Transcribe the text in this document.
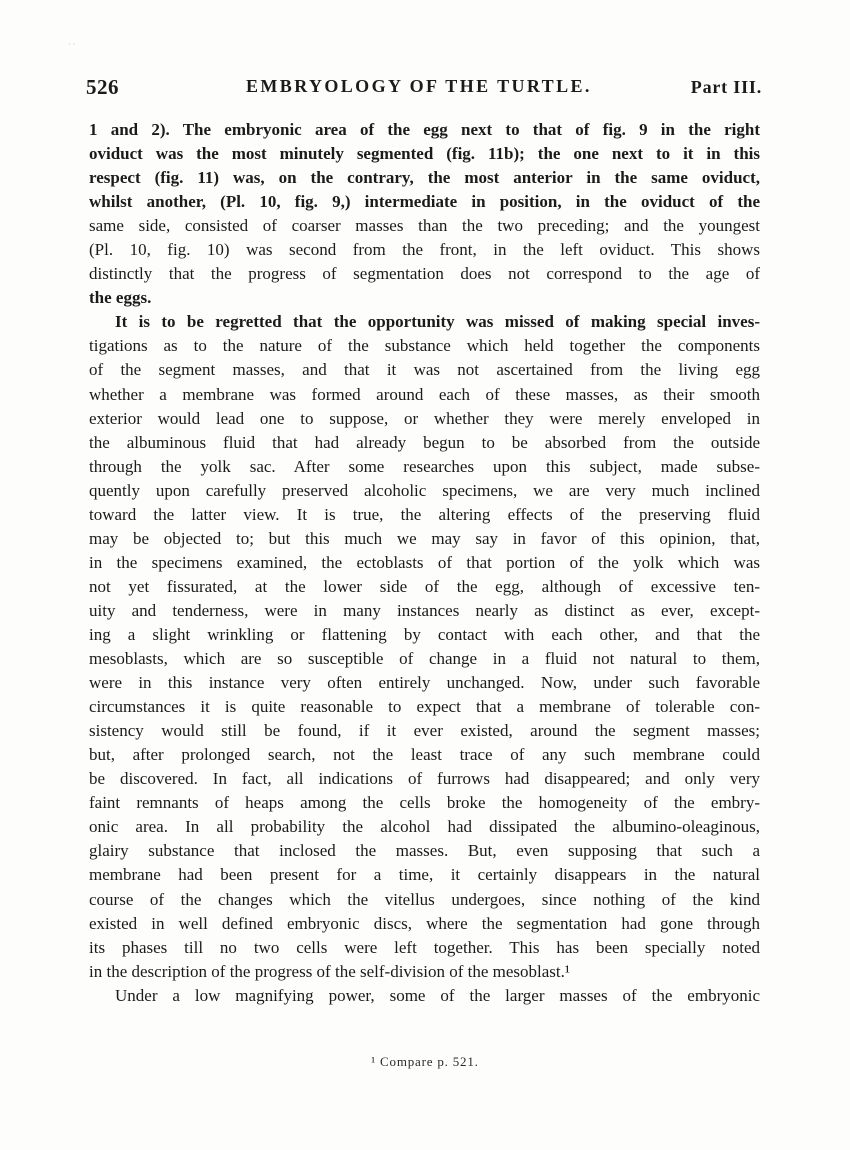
· ·
526	EMBRYOLOGY OF THE TURTLE.	Part III.
1 and 2). The embryonic area of the egg next to that of fig. 9 in the right
oviduct was the most minutely segmented (fig. 11b); the one next to it in this
respect (fig. 11) was, on the contrary, the most anterior in the same oviduct,
whilst another, (Pl. 10, fig. 9,) intermediate in position, in the oviduct of the
same side, consisted of coarser masses than the two preceding; and the youngest
(Pl. 10, fig. 10) was second from the front, in the left oviduct. This shows
distinctly that the progress of segmentation does not correspond to the age of
the eggs.
It is to be regretted that the opportunity was missed of making special inves-
tigations as to the nature of the substance which held together the components
of the segment masses, and that it was not ascertained from the living egg
whether a membrane was formed around each of these masses, as their smooth
exterior would lead one to suppose, or whether they were merely enveloped in
the albuminous fluid that had already begun to be absorbed from the outside
through the yolk sac. After some researches upon this subject, made subse-
quently upon carefully preserved alcoholic specimens, we are very much inclined
toward the latter view. It is true, the altering effects of the preserving fluid
may be objected to; but this much we may say in favor of this opinion, that,
in the specimens examined, the ectoblasts of that portion of the yolk which was
not yet fissurated, at the lower side of the egg, although of excessive ten-
uity and tenderness, were in many instances nearly as distinct as ever, except-
ing a slight wrinkling or flattening by contact with each other, and that the
mesoblasts, which are so susceptible of change in a fluid not natural to them,
were in this instance very often entirely unchanged. Now, under such favorable
circumstances it is quite reasonable to expect that a membrane of tolerable con-
sistency would still be found, if it ever existed, around the segment masses;
but, after prolonged search, not the least trace of any such membrane could
be discovered. In fact, all indications of furrows had disappeared; and only very
faint remnants of heaps among the cells broke the homogeneity of the embry-
onic area. In all probability the alcohol had dissipated the albumino-oleaginous,
glairy substance that inclosed the masses. But, even supposing that such a
membrane had been present for a time, it certainly disappears in the natural
course of the changes which the vitellus undergoes, since nothing of the kind
existed in well defined embryonic discs, where the segmentation had gone through
its phases till no two cells were left together. This has been specially noted
in the description of the progress of the self-division of the mesoblast.¹
Under a low magnifying power, some of the larger masses of the embryonic
¹ Compare p. 521.
